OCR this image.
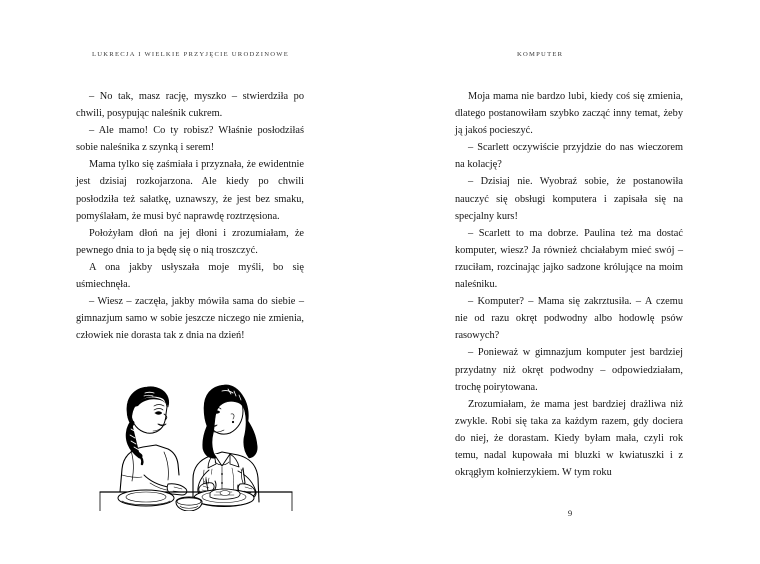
LUKRECJA I WIELKIE PRZYJĘCIE URODZINOWE

– No tak, masz rację, myszko – stwierdziła po chwili, posypując naleśnik cukrem.

– Ale mamo! Co ty robisz? Właśnie posłodziłaś sobie naleśnika z szynką i serem!

Mama tylko się zaśmiała i przyznała, że ewidentnie jest dzisiaj rozkojarzona. Ale kiedy po chwili posłodziła też sałatkę, uznawszy, że jest bez smaku, pomyślałam, że musi być naprawdę roztrzęsiona.

Położyłam dłoń na jej dłoni i zrozumiałam, że pewnego dnia to ja będę się o nią troszczyć.

A ona jakby usłyszała moje myśli, bo się uśmiechnęła.

– Wiesz – zaczęła, jakby mówiła sama do siebie – gimnazjum samo w sobie jeszcze niczego nie zmienia, człowiek nie dorasta tak z dnia na dzień!

KOMPUTER

Moja mama nie bardzo lubi, kiedy coś się zmienia, dlatego postanowiłam szybko zacząć inny temat, żeby ją jakoś pocieszyć.

– Scarlett oczywiście przyjdzie do nas wieczorem na kolację?

– Dzisiaj nie. Wyobraź sobie, że postanowiła nauczyć się obsługi komputera i zapisała się na specjalny kurs!

– Scarlett to ma dobrze. Paulina też ma dostać komputer, wiesz? Ja również chciałabym mieć swój – rzuciłam, rozcinając jajko sadzone królujące na moim naleśniku.

– Komputer? – Mama się zakrztusiła. – A czemu nie od razu okręt podwodny albo hodowlę psów rasowych?

– Ponieważ w gimnazjum komputer jest bardziej przydatny niż okręt podwodny – odpowiedziałam, trochę poirytowana.

Zrozumiałam, że mama jest bardziej drażliwa niż zwykle. Robi się taka za każdym razem, gdy dociera do niej, że dorastam. Kiedy byłam mała, czyli rok temu, nadal kupowała mi bluzki w kwiatuszki i z okrągłym kołnierzykiem. W tym roku

9
